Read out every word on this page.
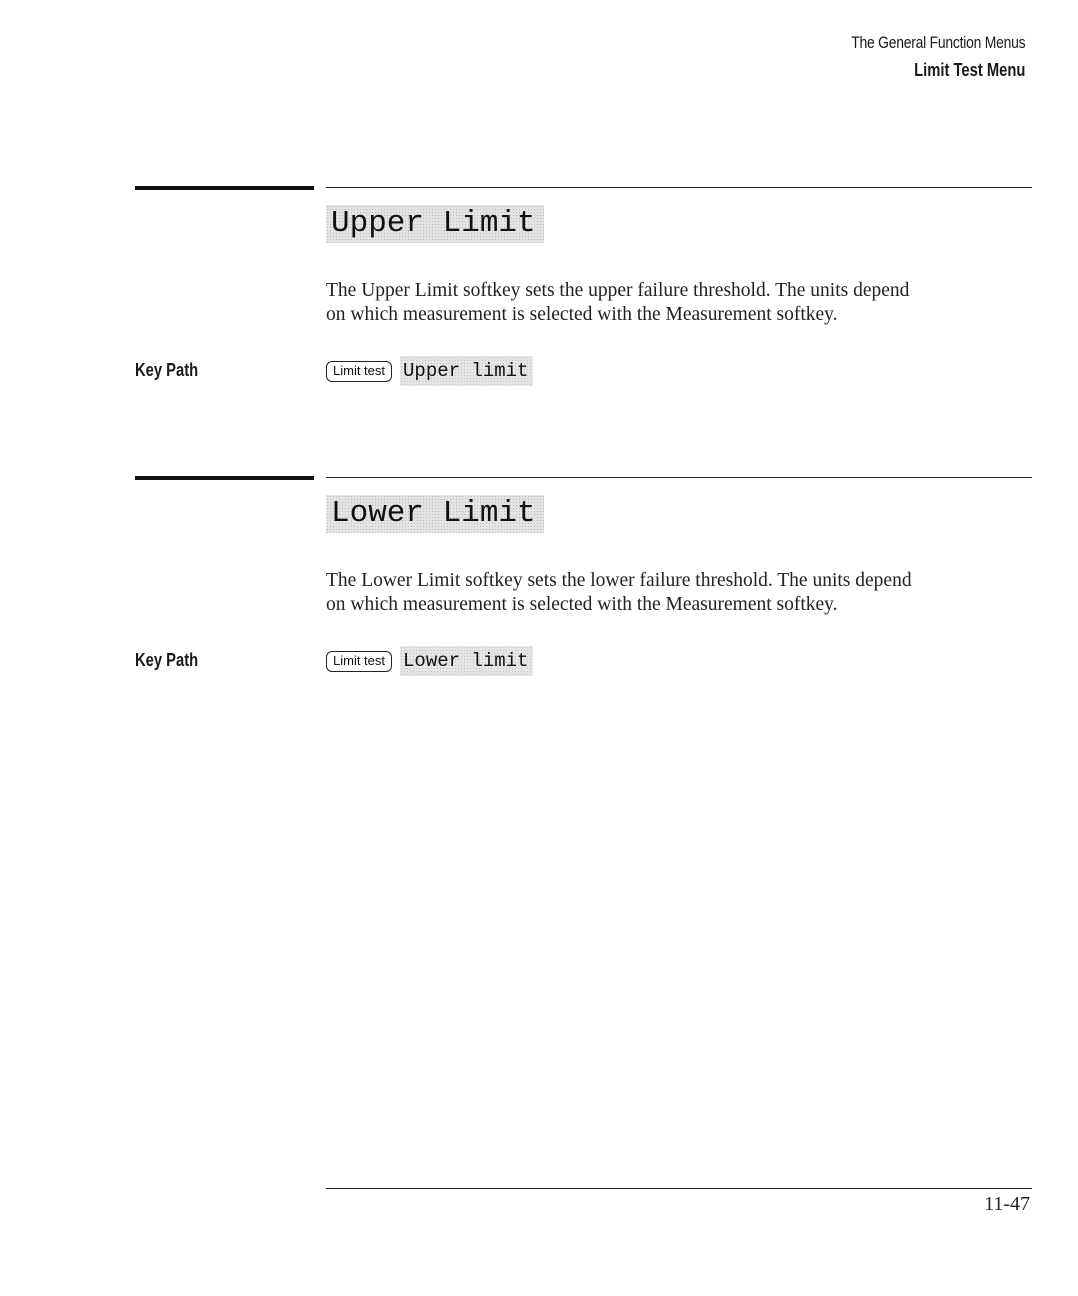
The General Function Menus
Limit Test Menu
Upper Limit

The Upper Limit softkey sets the upper failure threshold. The units depend
on which measurement is selected with the Measurement softkey.

Key Path	Limit test Upper limit
Lower Limit

The Lower Limit softkey sets the lower failure threshold. The units depend
on which measurement is selected with the Measurement softkey.

Key Path	Limit test Lower limit
11-47
